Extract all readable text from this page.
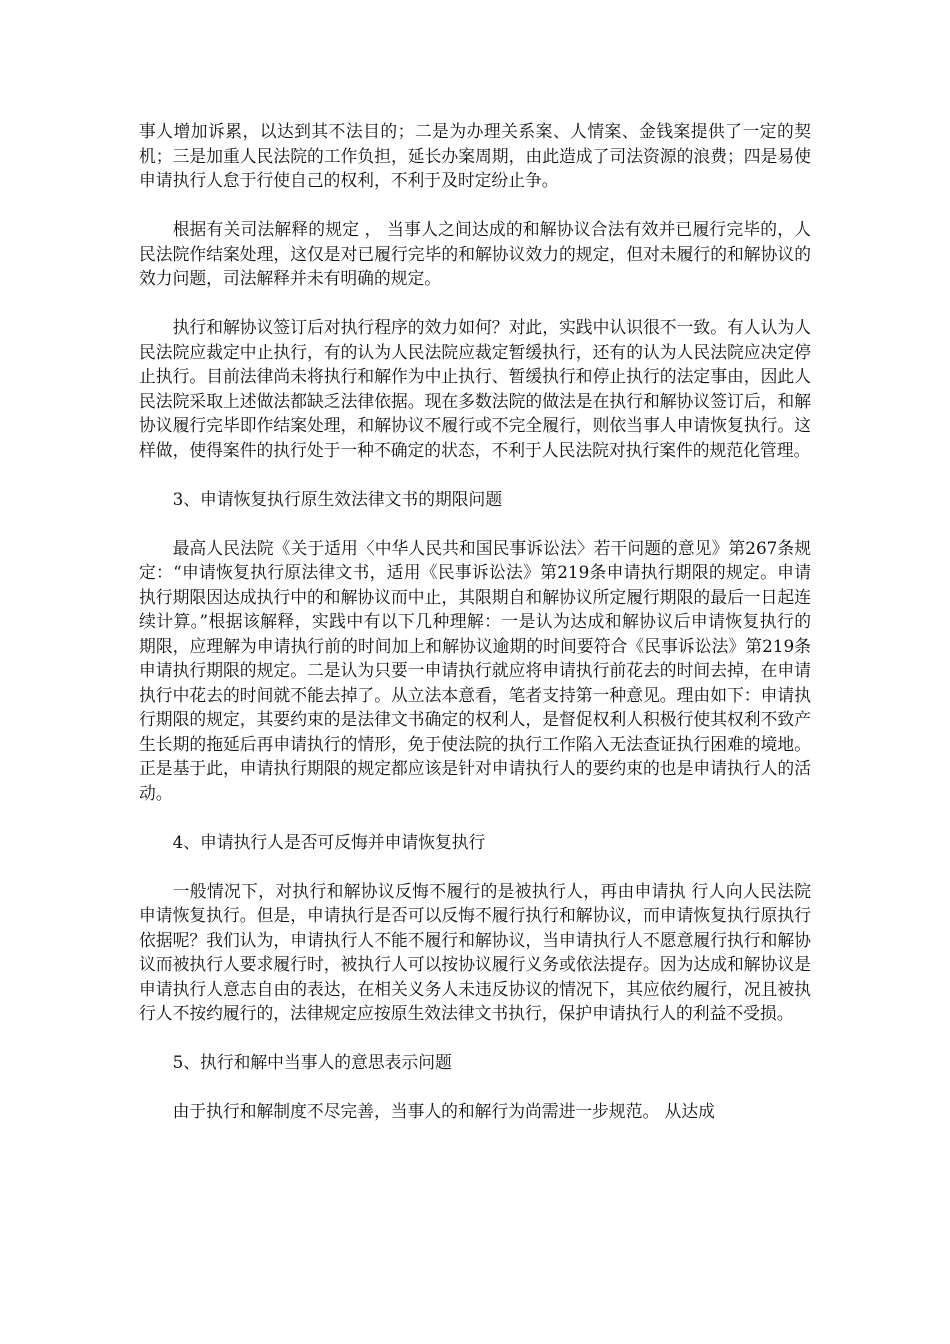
事人增加诉累，以达到其不法目的；二是为办理关系案、人情案、金钱案提供了一定的契机；三是加重人民法院的工作负担，延长办案周期，由此造成了司法资源的浪费；四是易使申请执行人怠于行使自己的权利，不利于及时定纷止争。

根据有关司法解释的规定 ， 当事人之间达成的和解协议合法有效并已履行完毕的，人民法院作结案处理，这仅是对已履行完毕的和解协议效力的规定，但对未履行的和解协议的效力问题，司法解释并未有明确的规定。

执行和解协议签订后对执行程序的效力如何？对此，实践中认识很不一致。有人认为人民法院应裁定中止执行，有的认为人民法院应裁定暂缓执行，还有的认为人民法院应决定停止执行。目前法律尚未将执行和解作为中止执行、暂缓执行和停止执行的法定事由，因此人民法院采取上述做法都缺乏法律依据。现在多数法院的做法是在执行和解协议签订后，和解协议履行完毕即作结案处理，和解协议不履行或不完全履行，则依当事人申请恢复执行。这样做，使得案件的执行处于一种不确定的状态，不利于人民法院对执行案件的规范化管理。

3、申请恢复执行原生效法律文书的期限问题

最高人民法院《关于适用〈中华人民共和国民事诉讼法〉若干问题的意见》第267条规定：“申请恢复执行原法律文书，适用《民事诉讼法》第219条申请执行期限的规定。申请执行期限因达成执行中的和解协议而中止，其限期自和解协议所定履行期限的最后一日起连续计算。”根据该解释，实践中有以下几种理解：一是认为达成和解协议后申请恢复执行的 期限，应理解为申请执行前的时间加上和解协议逾期的时间要符合《民事诉讼法》第219条申请执行期限的规定。二是认为只要一申请执行就应将申请执行前花去的时间去掉，在申请执行中花去的时间就不能去掉了。从立法本意看，笔者支持第一种意见。理由如下：申请执行期限的规定，其要约束的是法律文书确定的权利人，是督促权利人积极行使其权利不致产生长期的拖延后再申请执行的情形，免于使法院的执行工作陷入无法查证执行困难的境地。正是基于此，申请执行期限的规定都应该是针对申请执行人的要约束的也是申请执行人的活动。

4、申请执行人是否可反悔并申请恢复执行

一般情况下，对执行和解协议反悔不履行的是被执行人，再由申请执 行人向人民法院申请恢复执行。但是，申请执行是否可以反悔不履行执行和解协议，而申请恢复执行原执行依据呢？我们认为，申请执行人不能不履行和解协议，当申请执行人不愿意履行执行和解协议而被执行人要求履行时，被执行人可以按协议履行义务或依法提存。因为达成和解协议是申请执行人意志自由的表达，在相关义务人未违反协议的情况下，其应依约履行，况且被执行人不按约履行的，法律规定应按原生效法律文书执行，保护申请执行人的利益不受损。

5、执行和解中当事人的意思表示问题

由于执行和解制度不尽完善，当事人的和解行为尚需进一步规范。 从达成
